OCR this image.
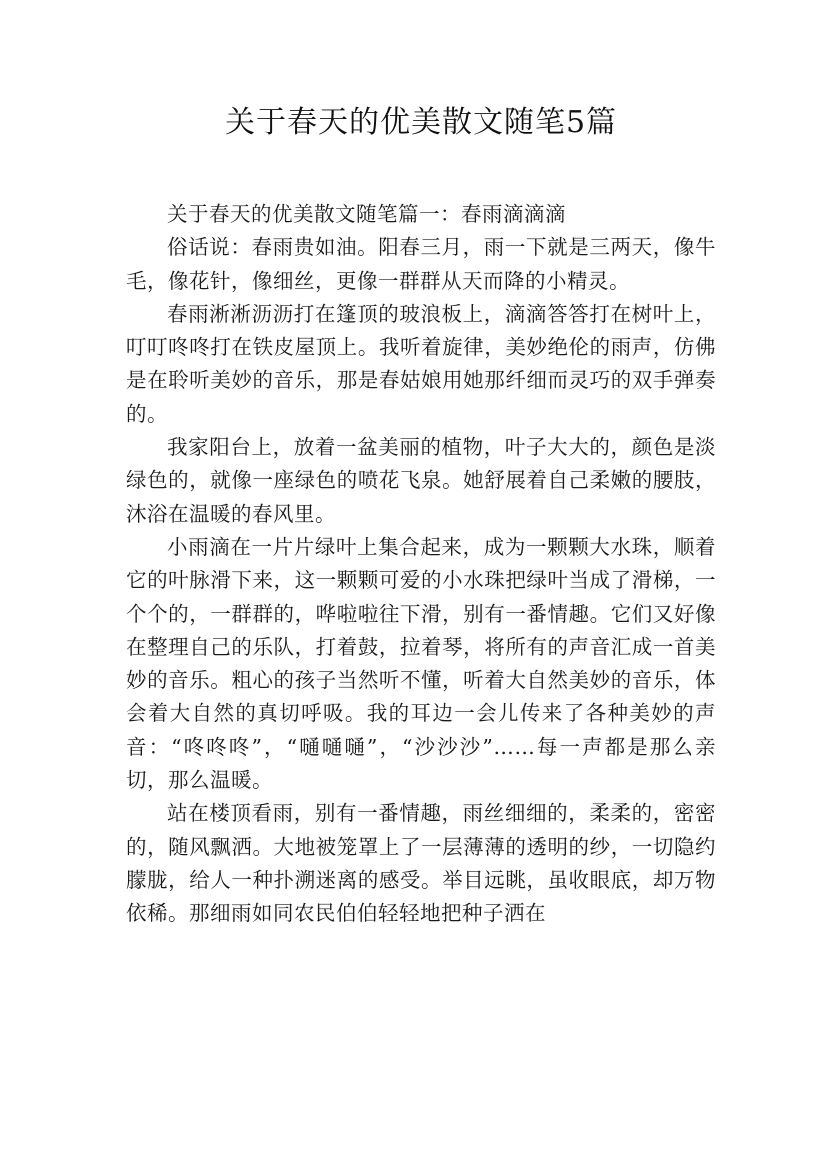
关于春天的优美散文随笔5篇

关于春天的优美散文随笔篇一：春雨滴滴滴

俗话说：春雨贵如油。阳春三月，雨一下就是三两天，像牛毛，像花针，像细丝，更像一群群从天而降的小精灵。

春雨淅淅沥沥打在篷顶的玻浪板上，滴滴答答打在树叶上，叮叮咚咚打在铁皮屋顶上。我听着旋律，美妙绝伦的雨声，仿佛是在聆听美妙的音乐，那是春姑娘用她那纤细而灵巧的双手弹奏的。

我家阳台上，放着一盆美丽的植物，叶子大大的，颜色是淡绿色的，就像一座绿色的喷花飞泉。她舒展着自己柔嫩的腰肢，沐浴在温暖的春风里。

小雨滴在一片片绿叶上集合起来，成为一颗颗大水珠，顺着它的叶脉滑下来，这一颗颗可爱的小水珠把绿叶当成了滑梯，一个个的，一群群的，哗啦啦往下滑，别有一番情趣。它们又好像在整理自己的乐队，打着鼓，拉着琴，将所有的声音汇成一首美妙的音乐。粗心的孩子当然听不懂，听着大自然美妙的音乐，体会着大自然的真切呼吸。我的耳边一会儿传来了各种美妙的声音：“咚咚咚”，“嗵嗵嗵”，“沙沙沙”……每一声都是那么亲切，那么温暖。

站在楼顶看雨，别有一番情趣，雨丝细细的，柔柔的，密密的，随风飘洒。大地被笼罩上了一层薄薄的透明的纱，一切隐约朦胧，给人一种扑溯迷离的感受。举目远眺，虽收眼底，却万物依稀。那细雨如同农民伯伯轻轻地把种子洒在
